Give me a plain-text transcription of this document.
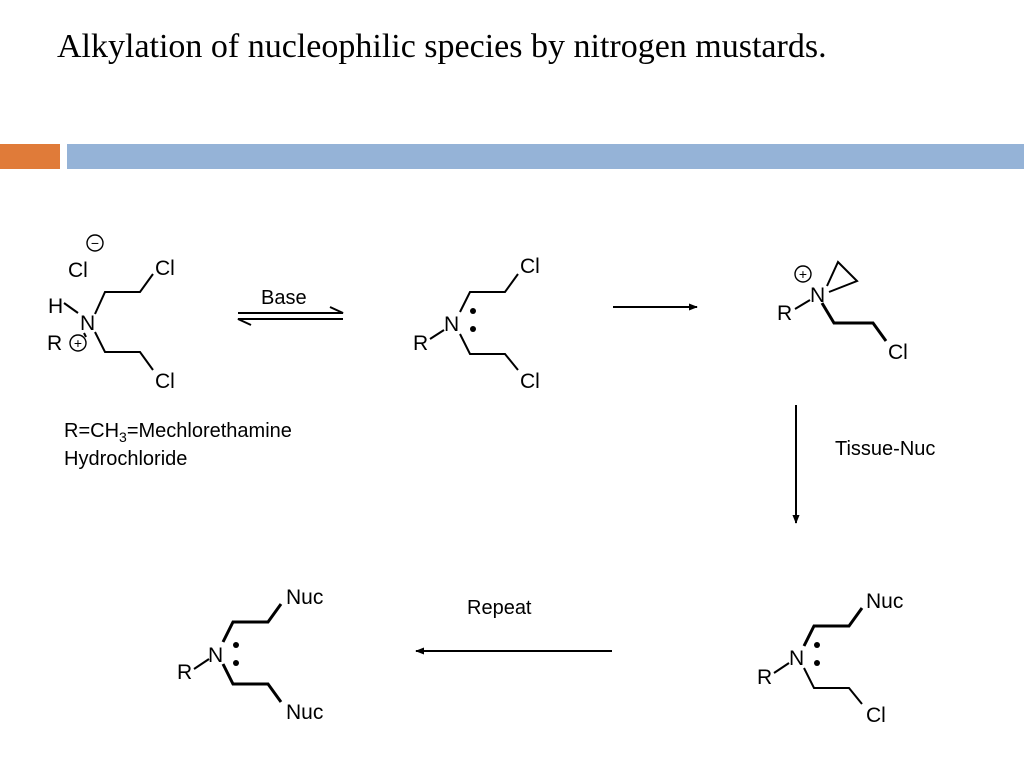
Alkylation of nucleophilic species by nitrogen mustards.
Cl
−
H
R +
N
Cl
Cl
$R=CH_3=Mechlorethamine$
Hydrochloride
Base
R
N
Cl
Cl
+
N
R
Cl
Tissue-Nuc
R
N
Nuc
Cl
Repeat
R
N
Nuc
Nuc
